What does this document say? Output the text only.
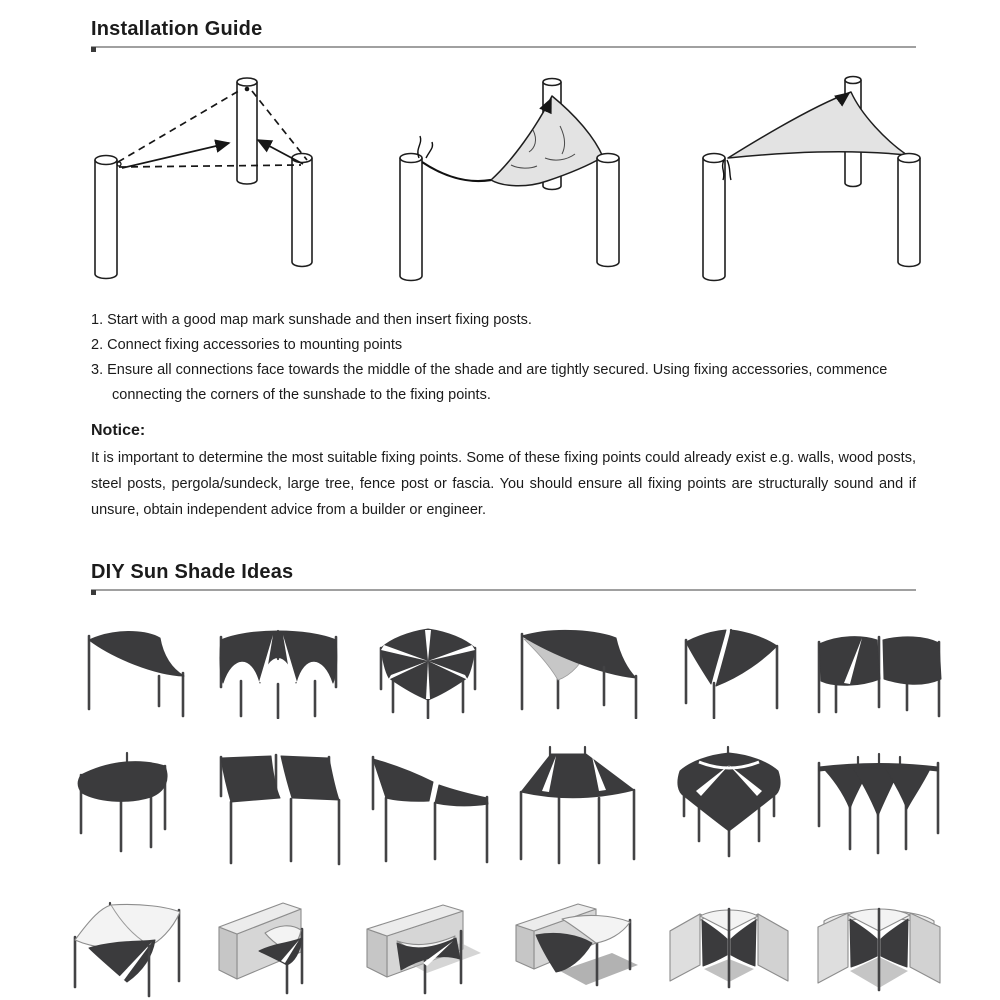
Installation Guide
1. Start with a good map mark sunshade and then insert fixing posts.
2. Connect fixing accessories to mounting points
3. Ensure all connections face towards the middle of the shade and are tightly secured. Using fixing accessories, commence connecting the corners of the sunshade to the fixing points.
Notice:

It is important to determine the most suitable fixing points. Some of these fixing points could already exist e.g. walls, wood posts, steel posts, pergola/sundeck, large tree, fence post or fascia. You should ensure all fixing points are structurally sound and if unsure, obtain independent advice from a builder or engineer.

DIY Sun Shade Ideas
